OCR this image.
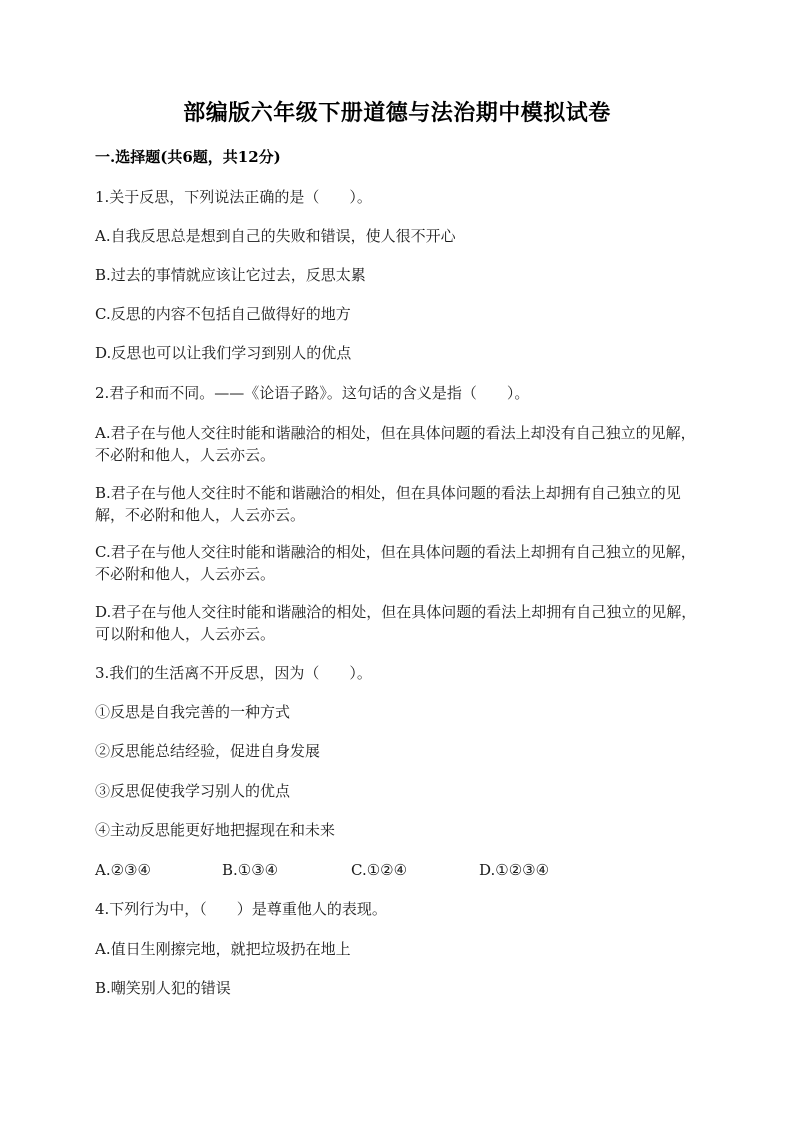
部编版六年级下册道德与法治期中模拟试卷
一.选择题(共6题，共12分)
1.关于反思，下列说法正确的是（　　）。
A.自我反思总是想到自己的失败和错误，使人很不开心
B.过去的事情就应该让它过去，反思太累
C.反思的内容不包括自己做得好的地方
D.反思也可以让我们学习到别人的优点
2.君子和而不同。——《论语子路》。这句话的含义是指（　　）。
A.君子在与他人交往时能和谐融洽的相处，但在具体问题的看法上却没有自己独立的见解，不必附和他人，人云亦云。
B.君子在与他人交往时不能和谐融洽的相处，但在具体问题的看法上却拥有自己独立的见解，不必附和他人，人云亦云。
C.君子在与他人交往时能和谐融洽的相处，但在具体问题的看法上却拥有自己独立的见解，不必附和他人，人云亦云。
D.君子在与他人交往时能和谐融洽的相处，但在具体问题的看法上却拥有自己独立的见解，可以附和他人，人云亦云。
3.我们的生活离不开反思，因为（　　）。
①反思是自我完善的一种方式
②反思能总结经验，促进自身发展
③反思促使我学习别人的优点
④主动反思能更好地把握现在和未来
A.②③④	B.①③④	C.①②④	D.①②③④
4.下列行为中，（　　）是尊重他人的表现。
A.值日生刚擦完地，就把垃圾扔在地上
B.嘲笑别人犯的错误
